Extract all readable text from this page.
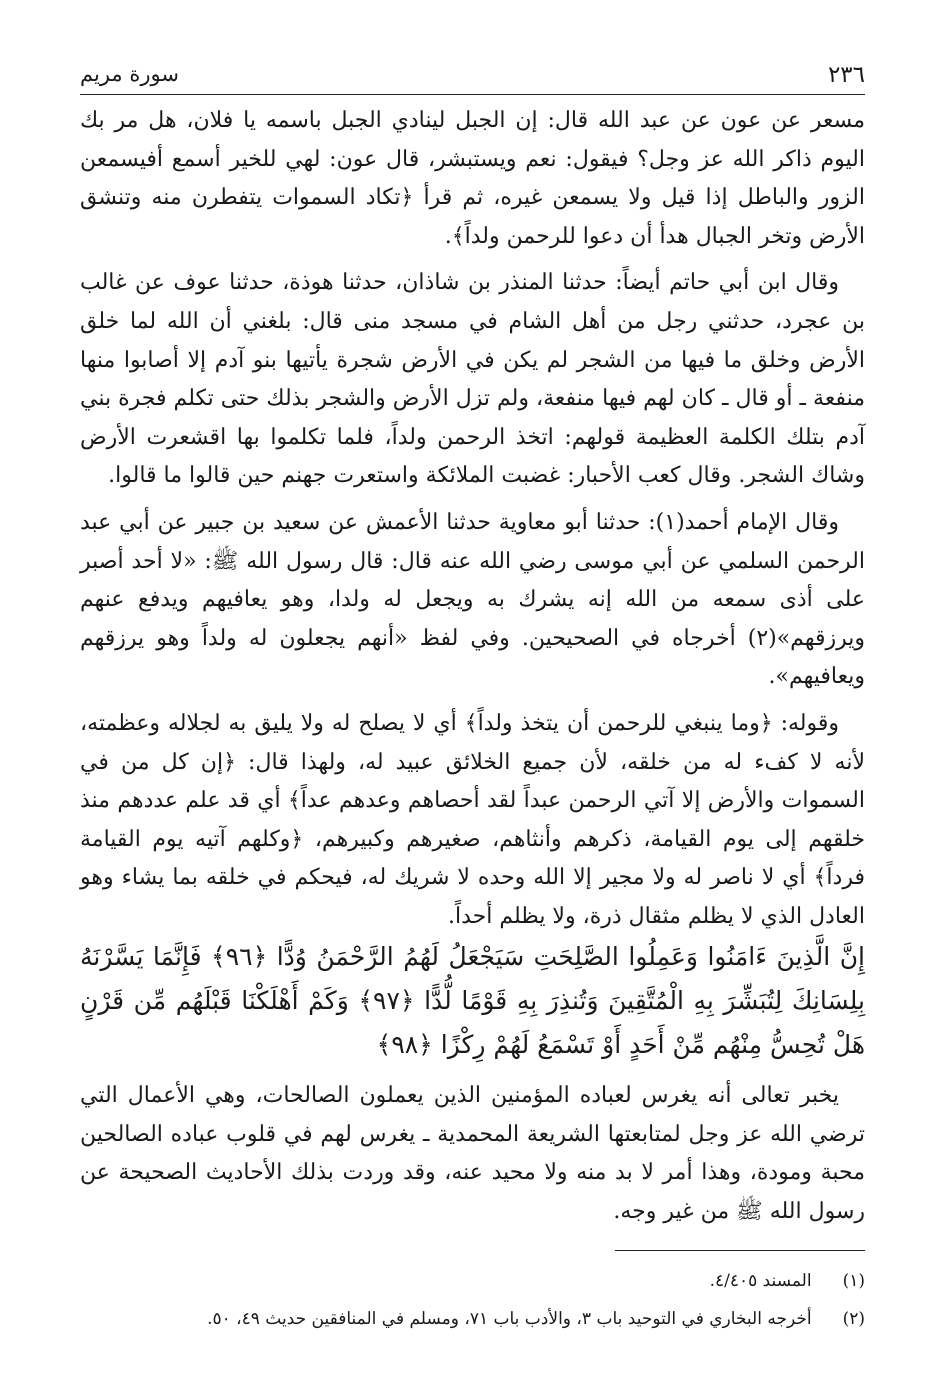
٢٣٦
سورة مريم

مسعر عن عون عن عبد الله قال: إن الجبل لينادي الجبل باسمه يا فلان، هل مر بك اليوم ذاكر الله عز وجل؟ فيقول: نعم ويستبشر، قال عون: لهي للخير أسمع أفيسمعن الزور والباطل إذا قيل ولا يسمعن غيره، ثم قرأ ﴿تكاد السموات يتفطرن منه وتنشق الأرض وتخر الجبال هدأ أن دعوا للرحمن ولداً﴾.

وقال ابن أبي حاتم أيضاً: حدثنا المنذر بن شاذان، حدثنا هوذة، حدثنا عوف عن غالب بن عجرد، حدثني رجل من أهل الشام في مسجد منى قال: بلغني أن الله لما خلق الأرض وخلق ما فيها من الشجر لم يكن في الأرض شجرة يأتيها بنو آدم إلا أصابوا منها منفعة ـ أو قال ـ كان لهم فيها منفعة، ولم تزل الأرض والشجر بذلك حتى تكلم فجرة بني آدم بتلك الكلمة العظيمة قولهم: اتخذ الرحمن ولداً، فلما تكلموا بها اقشعرت الأرض وشاك الشجر. وقال كعب الأحبار: غضبت الملائكة واستعرت جهنم حين قالوا ما قالوا.

وقال الإمام أحمد(١): حدثنا أبو معاوية حدثنا الأعمش عن سعيد بن جبير عن أبي عبد الرحمن السلمي عن أبي موسى رضي الله عنه قال: قال رسول الله ﷺ: «لا أحد أصبر على أذى سمعه من الله إنه يشرك به ويجعل له ولدا، وهو يعافيهم ويدفع عنهم ويرزقهم»(٢) أخرجاه في الصحيحين. وفي لفظ «أنهم يجعلون له ولداً وهو يرزقهم ويعافيهم».

وقوله: ﴿وما ينبغي للرحمن أن يتخذ ولداً﴾ أي لا يصلح له ولا يليق به لجلاله وعظمته، لأنه لا كفء له من خلقه، لأن جميع الخلائق عبيد له، ولهذا قال: ﴿إن كل من في السموات والأرض إلا آتي الرحمن عبداً لقد أحصاهم وعدهم عداً﴾ أي قد علم عددهم منذ خلقهم إلى يوم القيامة، ذكرهم وأنثاهم، صغيرهم وكبيرهم، ﴿وكلهم آتيه يوم القيامة فرداً﴾ أي لا ناصر له ولا مجير إلا الله وحده لا شريك له، فيحكم في خلقه بما يشاء وهو العادل الذي لا يظلم مثقال ذرة، ولا يظلم أحداً.

إِنَّ الَّذِينَ ءَامَنُوا وَعَمِلُوا الصَّلِحَتِ سَيَجْعَلُ لَهُمُ الرَّحْمَنُ وُدًّا ﴿٩٦﴾ فَإِنَّمَا يَسَّرْنَهُ بِلِسَانِكَ لِتُبَشِّرَ بِهِ الْمُتَّقِينَ وَتُنذِرَ بِهِ قَوْمًا لُّدًّا ﴿٩٧﴾ وَكَمْ أَهْلَكْنَا قَبْلَهُم مِّن قَرْنٍ هَلْ تُحِسُّ مِنْهُم مِّنْ أَحَدٍ أَوْ تَسْمَعُ لَهُمْ رِكْزًا ﴿٩٨﴾

يخبر تعالى أنه يغرس لعباده المؤمنين الذين يعملون الصالحات، وهي الأعمال التي ترضي الله عز وجل لمتابعتها الشريعة المحمدية ـ يغرس لهم في قلوب عباده الصالحين محبة ومودة، وهذا أمر لا بد منه ولا محيد عنه، وقد وردت بذلك الأحاديث الصحيحة عن رسول الله ﷺ من غير وجه.

(١) المسند ٤/٤٠٥.
(٢) أخرجه البخاري في التوحيد باب ٣، والأدب باب ٧١، ومسلم في المنافقين حديث ٤٩، ٥٠.
